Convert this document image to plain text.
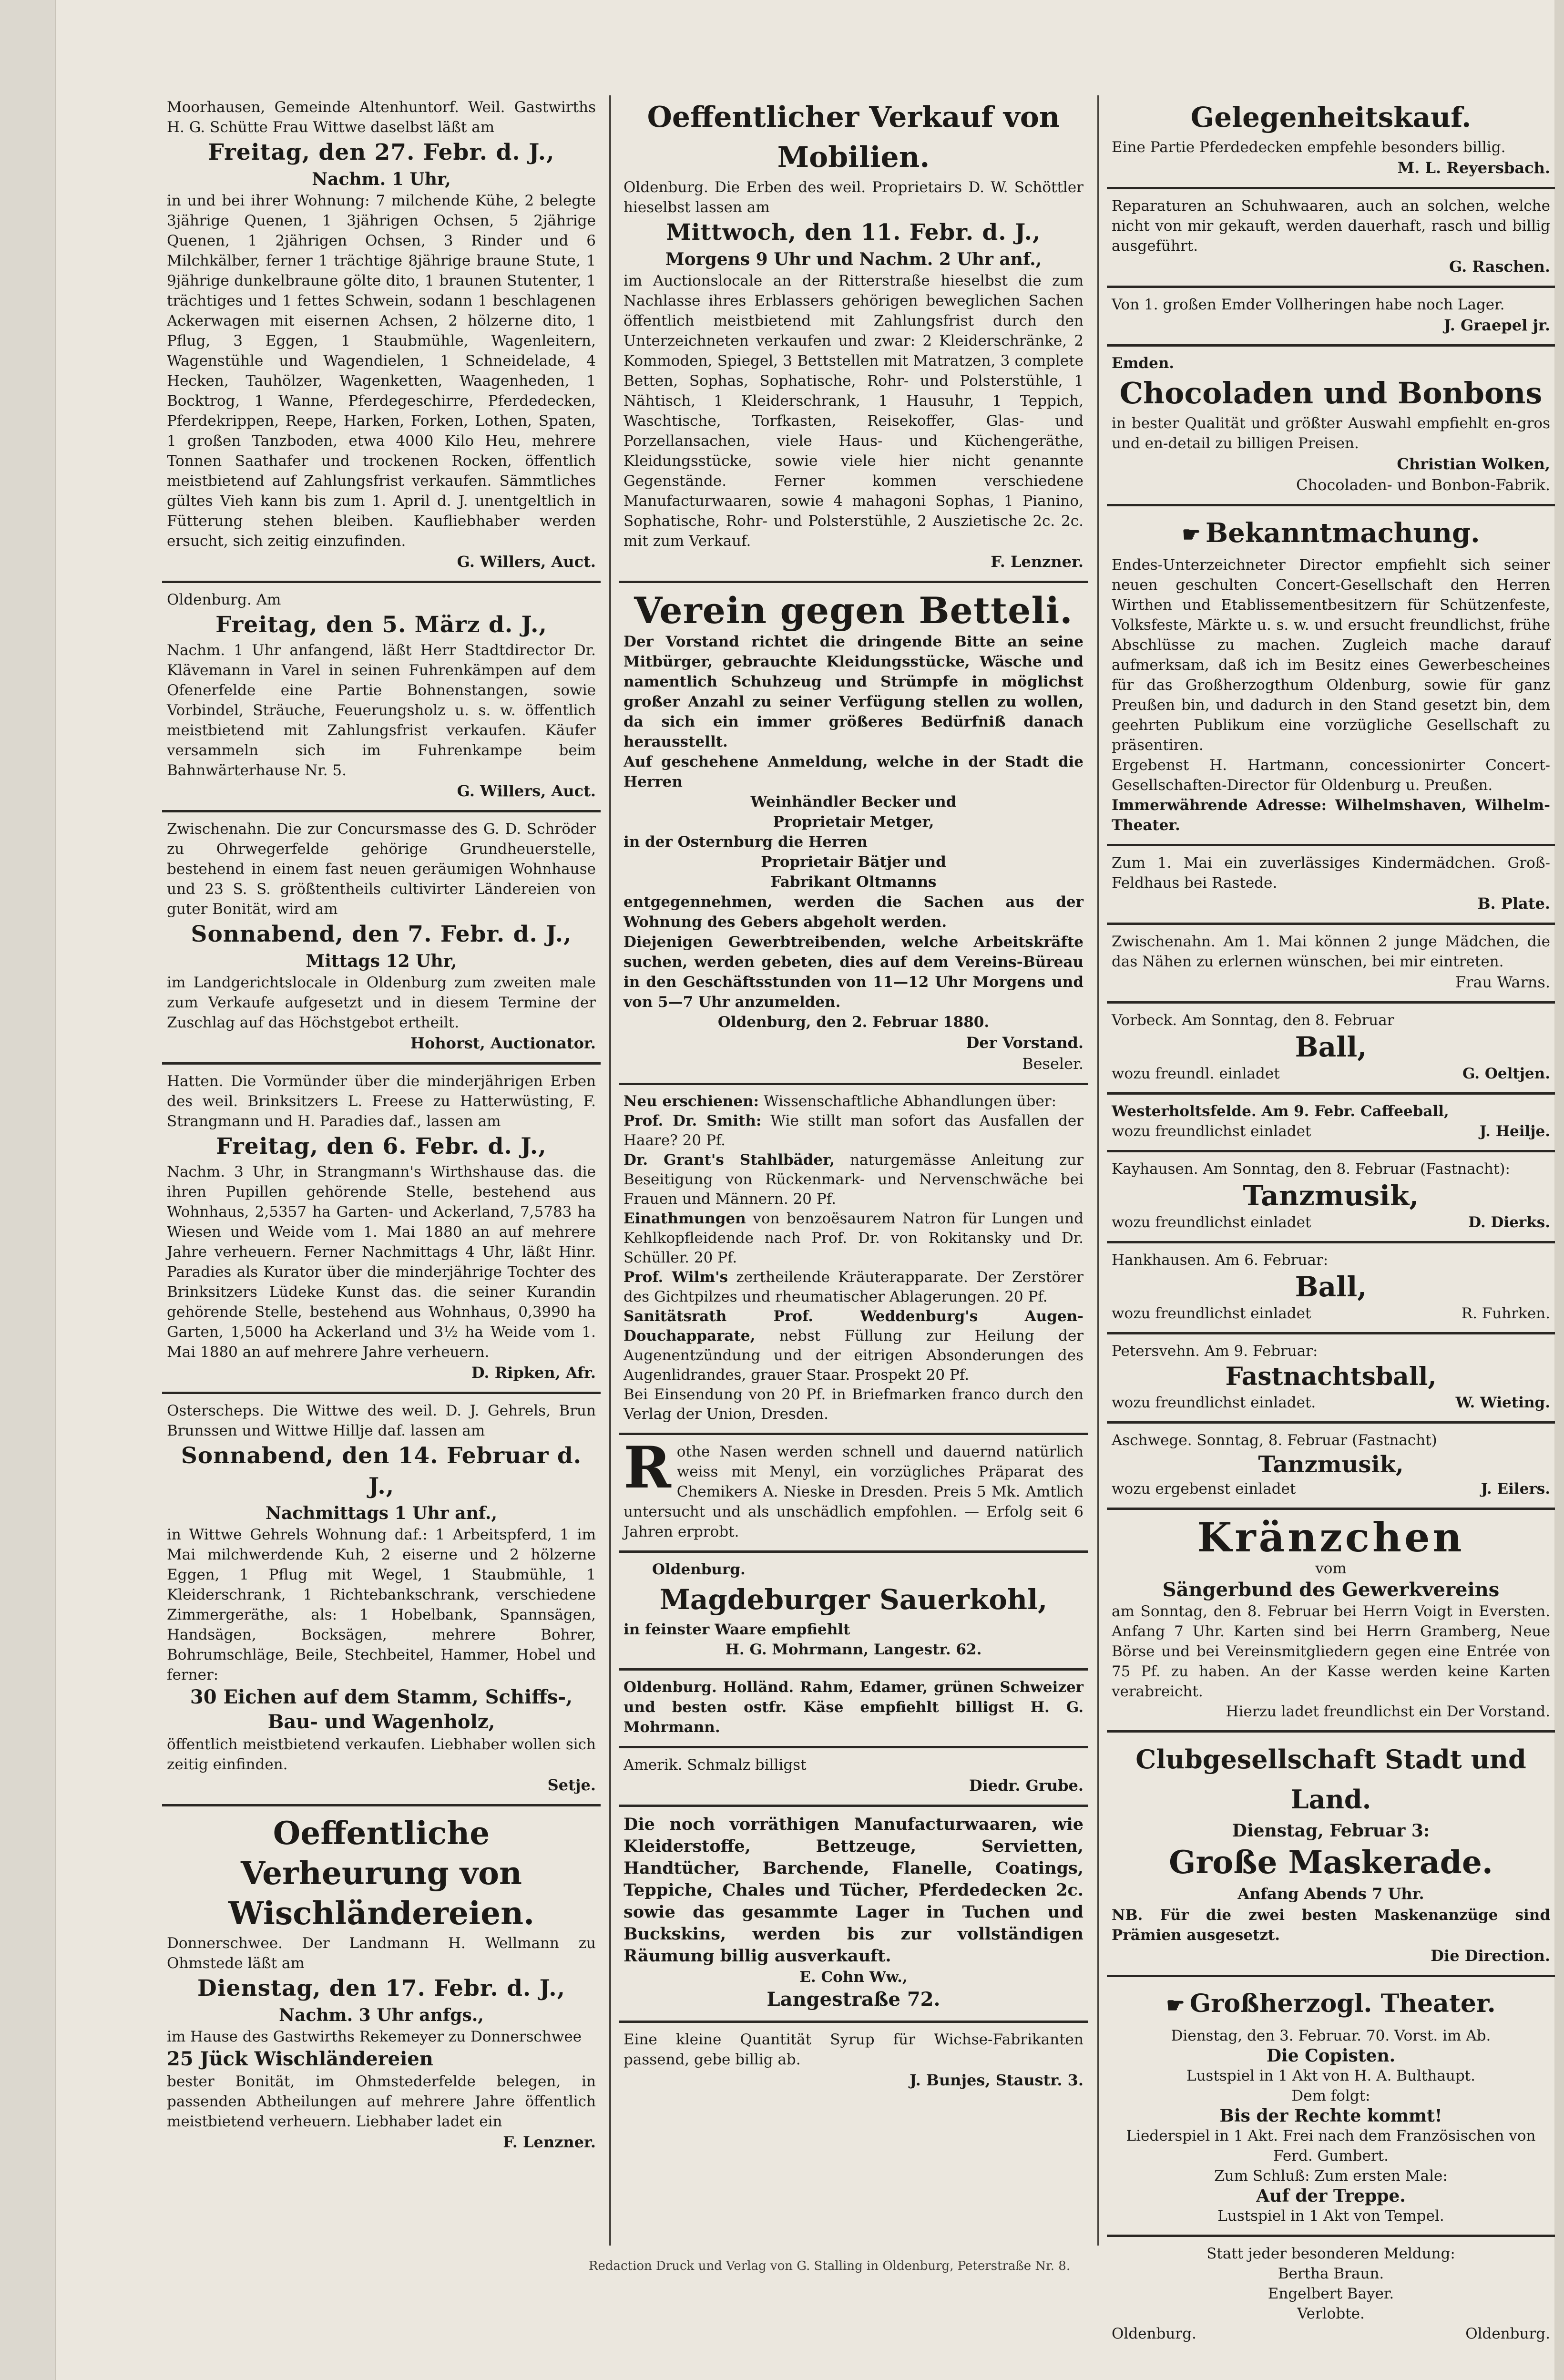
Moorhausen, Gemeinde Altenhuntorf. Weil. Gastwirths H. G. Schütte Frau Wittwe daselbst läßt am

Freitag, den 27. Febr. d. J.,
Nachm. 1 Uhr,

in und bei ihrer Wohnung: 7 milchende Kühe, 2 belegte 3jährige Quenen, 1 3jährigen Ochsen, 5 2jährige Quenen, 1 2jährigen Ochsen, 3 Rinder und 6 Milchkälber, ferner 1 trächtige 8jährige braune Stute, 1 9jährige dunkelbraune gölte dito, 1 braunen Stutenter, 1 trächtiges und 1 fettes Schwein, sodann 1 beschlagenen Ackerwagen mit eisernen Achsen, 2 hölzerne dito, 1 Pflug, 3 Eggen, 1 Staubmühle, Wagenleitern, Wagenstühle und Wagendielen, 1 Schneidelade, 4 Hecken, Tauhölzer, Wagenketten, Waagenheden, 1 Bocktrog, 1 Wanne, Pferdegeschirre, Pferdedecken, Pferdekrippen, Reepe, Harken, Forken, Lothen, Spaten, 1 großen Tanzboden, etwa 4000 Kilo Heu, mehrere Tonnen Saathafer und trockenen Rocken, öffentlich meistbietend auf Zahlungsfrist verkaufen. Sämmtliches gültes Vieh kann bis zum 1. April d. J. unentgeltlich in Fütterung stehen bleiben. Kaufliebhaber werden ersucht, sich zeitig einzufinden.

G. Willers, Auct.

Oldenburg. Am

Freitag, den 5. März d. J.,

Nachm. 1 Uhr anfangend, läßt Herr Stadtdirector Dr. Klävemann in Varel in seinen Fuhrenkämpen auf dem Ofenerfelde eine Partie Bohnenstangen, sowie Vorbindel, Sträuche, Feuerungsholz u. s. w. öffentlich meistbietend mit Zahlungsfrist verkaufen. Käufer versammeln sich im Fuhrenkampe beim Bahnwärterhause Nr. 5.

G. Willers, Auct.

Zwischenahn. Die zur Concursmasse des G. D. Schröder zu Ohrwegerfelde gehörige Grundheuerstelle, bestehend in einem fast neuen geräumigen Wohnhause und 23 S. S. größtentheils cultivirter Ländereien von guter Bonität, wird am

Sonnabend, den 7. Febr. d. J.,
Mittags 12 Uhr,

im Landgerichtslocale in Oldenburg zum zweiten male zum Verkaufe aufgesetzt und in diesem Termine der Zuschlag auf das Höchstgebot ertheilt.

Hohorst, Auctionator.

Hatten. Die Vormünder über die minderjährigen Erben des weil. Brinksitzers L. Freese zu Hatterwüsting, F. Strangmann und H. Paradies daf., lassen am

Freitag, den 6. Febr. d. J.,

Nachm. 3 Uhr, in Strangmann's Wirthshause das. die ihren Pupillen gehörende Stelle, bestehend aus Wohnhaus, 2,5357 ha Garten- und Ackerland, 7,5783 ha Wiesen und Weide vom 1. Mai 1880 an auf mehrere Jahre verheuern. Ferner Nachmittags 4 Uhr, läßt Hinr. Paradies als Kurator über die minderjährige Tochter des Brinksitzers Lüdeke Kunst das. die seiner Kurandin gehörende Stelle, bestehend aus Wohnhaus, 0,3990 ha Garten, 1,5000 ha Ackerland und 3½ ha Weide vom 1. Mai 1880 an auf mehrere Jahre verheuern.

D. Ripken, Afr.

Osterscheps. Die Wittwe des weil. D. J. Gehrels, Brun Brunssen und Wittwe Hillje daf. lassen am

Sonnabend, den 14. Februar d. J.,
Nachmittags 1 Uhr anf.,

in Wittwe Gehrels Wohnung daf.: 1 Arbeitspferd, 1 im Mai milchwerdende Kuh, 2 eiserne und 2 hölzerne Eggen, 1 Pflug mit Wegel, 1 Staubmühle, 1 Kleiderschrank, 1 Richtebankschrank, verschiedene Zimmergeräthe, als: 1 Hobelbank, Spannsägen, Handsägen, Bocksägen, mehrere Bohrer, Bohrumschläge, Beile, Stechbeitel, Hammer, Hobel und ferner:

30 Eichen auf dem Stamm, Schiffs-, Bau- und Wagenholz,

öffentlich meistbietend verkaufen. Liebhaber wollen sich zeitig einfinden.

Setje.

Oeffentliche Verheurung von Wischländereien.

Donnerschwee. Der Landmann H. Wellmann zu Ohmstede läßt am

Dienstag, den 17. Febr. d. J.,
Nachm. 3 Uhr anfgs.,

im Hause des Gastwirths Rekemeyer zu Donnerschwee

25 Jück Wischländereien

bester Bonität, im Ohmstederfelde belegen, in passenden Abtheilungen auf mehrere Jahre öffentlich meistbietend verheuern. Liebhaber ladet ein

F. Lenzner.

Oeffentlicher Verkauf von Mobilien.

Oldenburg. Die Erben des weil. Proprietairs D. W. Schöttler hieselbst lassen am

Mittwoch, den 11. Febr. d. J.,
Morgens 9 Uhr und Nachm. 2 Uhr anf.,

im Auctionslocale an der Ritterstraße hieselbst die zum Nachlasse ihres Erblassers gehörigen beweglichen Sachen öffentlich meistbietend mit Zahlungsfrist durch den Unterzeichneten verkaufen und zwar: 2 Kleiderschränke, 2 Kommoden, Spiegel, 3 Bettstellen mit Matratzen, 3 complete Betten, Sophas, Sophatische, Rohr- und Polsterstühle, 1 Nähtisch, 1 Kleiderschrank, 1 Hausuhr, 1 Teppich, Waschtische, Torfkasten, Reisekoffer, Glas- und Porzellansachen, viele Haus- und Küchengeräthe, Kleidungsstücke, sowie viele hier nicht genannte Gegenstände. Ferner kommen verschiedene Manufacturwaaren, sowie 4 mahagoni Sophas, 1 Pianino, Sophatische, Rohr- und Polsterstühle, 2 Auszietische 2c. 2c. mit zum Verkauf.

F. Lenzner.

Verein gegen Betteli.

Der Vorstand richtet die dringende Bitte an seine Mitbürger, gebrauchte Kleidungsstücke, Wäsche und namentlich Schuhzeug und Strümpfe in möglichst großer Anzahl zu seiner Verfügung stellen zu wollen, da sich ein immer größeres Bedürfniß danach herausstellt.

Auf geschehene Anmeldung, welche in der Stadt die Herren

Weinhändler Becker und

Proprietair Metger,

in der Osternburg die Herren

Proprietair Bätjer und

Fabrikant Oltmanns

entgegennehmen, werden die Sachen aus der Wohnung des Gebers abgeholt werden.

Diejenigen Gewerbtreibenden, welche Arbeitskräfte suchen, werden gebeten, dies auf dem Vereins-Büreau in den Geschäftsstunden von 11—12 Uhr Morgens und von 5—7 Uhr anzumelden.

Oldenburg, den 2. Februar 1880.

Der Vorstand.

Beseler.

Neu erschienen: Wissenschaftliche Abhandlungen über:

Prof. Dr. Smith: Wie stillt man sofort das Ausfallen der Haare? 20 Pf.

Dr. Grant's Stahlbäder, naturgemässe Anleitung zur Beseitigung von Rückenmark- und Nervenschwäche bei Frauen und Männern. 20 Pf.

Einathmungen von benzoësaurem Natron für Lungen und Kehlkopfleidende nach Prof. Dr. von Rokitansky und Dr. Schüller. 20 Pf.

Prof. Wilm's zertheilende Kräuterapparate. Der Zerstörer des Gichtpilzes und rheumatischer Ablagerungen. 20 Pf.

Sanitätsrath Prof. Weddenburg's Augen-Douchapparate, nebst Füllung zur Heilung der Augenentzündung und der eitrigen Absonderungen des Augenlidrandes, grauer Staar. Prospekt 20 Pf.

Bei Einsendung von 20 Pf. in Briefmarken franco durch den Verlag der Union, Dresden.

Rothe Nasen werden schnell und dauernd natürlich weiss mit Menyl, ein vorzügliches Präparat des Chemikers A. Nieske in Dresden. Preis 5 Mk. Amtlich untersucht und als unschädlich empfohlen. — Erfolg seit 6 Jahren erprobt.

Oldenburg.

Magdeburger Sauerkohl,

in feinster Waare empfiehlt

H. G. Mohrmann, Langestr. 62.

Oldenburg. Holländ. Rahm, Edamer, grünen Schweizer und besten ostfr. Käse empfiehlt billigst H. G. Mohrmann.

Amerik. Schmalz billigst

Diedr. Grube.

Die noch vorräthigen Manufacturwaaren, wie Kleiderstoffe, Bettzeuge, Servietten, Handtücher, Barchende, Flanelle, Coatings, Teppiche, Chales und Tücher, Pferdedecken 2c. sowie das gesammte Lager in Tuchen und Buckskins, werden bis zur vollständigen Räumung billig ausverkauft.

E. Cohn Ww.,

Langestraße 72.

Eine kleine Quantität Syrup für Wichse-Fabrikanten passend, gebe billig ab.

J. Bunjes, Staustr. 3.

Gelegenheitskauf.

Eine Partie Pferdedecken empfehle besonders billig.

M. L. Reyersbach.

Reparaturen an Schuhwaaren, auch an solchen, welche nicht von mir gekauft, werden dauerhaft, rasch und billig ausgeführt.

G. Raschen.

Von 1. großen Emder Vollheringen habe noch Lager.

J. Graepel jr.

Emden.

Chocoladen und Bonbons

in bester Qualität und größter Auswahl empfiehlt en-gros und en-detail zu billigen Preisen.

Christian Wolken,

Chocoladen- und Bonbon-Fabrik.

☛ Bekanntmachung.

Endes-Unterzeichneter Director empfiehlt sich seiner neuen geschulten Concert-Gesellschaft den Herren Wirthen und Etablissementbesitzern für Schützenfeste, Volksfeste, Märkte u. s. w. und ersucht freundlichst, frühe Abschlüsse zu machen. Zugleich mache darauf aufmerksam, daß ich im Besitz eines Gewerbescheines für das Großherzogthum Oldenburg, sowie für ganz Preußen bin, und dadurch in den Stand gesetzt bin, dem geehrten Publikum eine vorzügliche Gesellschaft zu präsentiren.

Ergebenst H. Hartmann, concessionirter Concert-Gesellschaften-Director für Oldenburg u. Preußen.

Immerwährende Adresse: Wilhelmshaven, Wilhelm-Theater.

Zum 1. Mai ein zuverlässiges Kindermädchen. Groß-Feldhaus bei Rastede.

B. Plate.

Zwischenahn. Am 1. Mai können 2 junge Mädchen, die das Nähen zu erlernen wünschen, bei mir eintreten.

Frau Warns.

Vorbeck. Am Sonntag, den 8. Februar

Ball,
wozu freundl. einladet	G. Oeltjen.

Westerholtsfelde. Am 9. Febr. Caffeeball,

wozu freundlichst einladet	J. Heilje.

Kayhausen. Am Sonntag, den 8. Februar (Fastnacht):

Tanzmusik,
wozu freundlichst einladet	D. Dierks.

Hankhausen. Am 6. Februar:

Ball,
wozu freundlichst einladet	R. Fuhrken.

Petersvehn. Am 9. Februar:

Fastnachtsball,
wozu freundlichst einladet.	W. Wieting.

Aschwege. Sonntag, 8. Februar (Fastnacht)

Tanzmusik,
wozu ergebenst einladet	J. Eilers.
Kränzchen

vom

Sängerbund des Gewerkvereins

am Sonntag, den 8. Februar bei Herrn Voigt in Eversten. Anfang 7 Uhr. Karten sind bei Herrn Gramberg, Neue Börse und bei Vereinsmitgliedern gegen eine Entrée von 75 Pf. zu haben. An der Kasse werden keine Karten verabreicht.

Hierzu ladet freundlichst ein Der Vorstand.

Clubgesellschaft Stadt und Land.
Dienstag, Februar 3:
Große Maskerade.
Anfang Abends 7 Uhr.

NB. Für die zwei besten Maskenanzüge sind Prämien ausgesetzt.

Die Direction.

☛ Großherzogl. Theater.

Dienstag, den 3. Februar. 70. Vorst. im Ab.

Die Copisten.

Lustspiel in 1 Akt von H. A. Bulthaupt.

Dem folgt:

Bis der Rechte kommt!

Liederspiel in 1 Akt. Frei nach dem Französischen von Ferd. Gumbert.

Zum Schluß: Zum ersten Male:

Auf der Treppe.

Lustspiel in 1 Akt von Tempel.

Statt jeder besonderen Meldung:

Bertha Braun.

Engelbert Bayer.

Verlobte.

Oldenburg.	Oldenburg.
Redaction Druck und Verlag von G. Stalling in Oldenburg, Peterstraße Nr. 8.
